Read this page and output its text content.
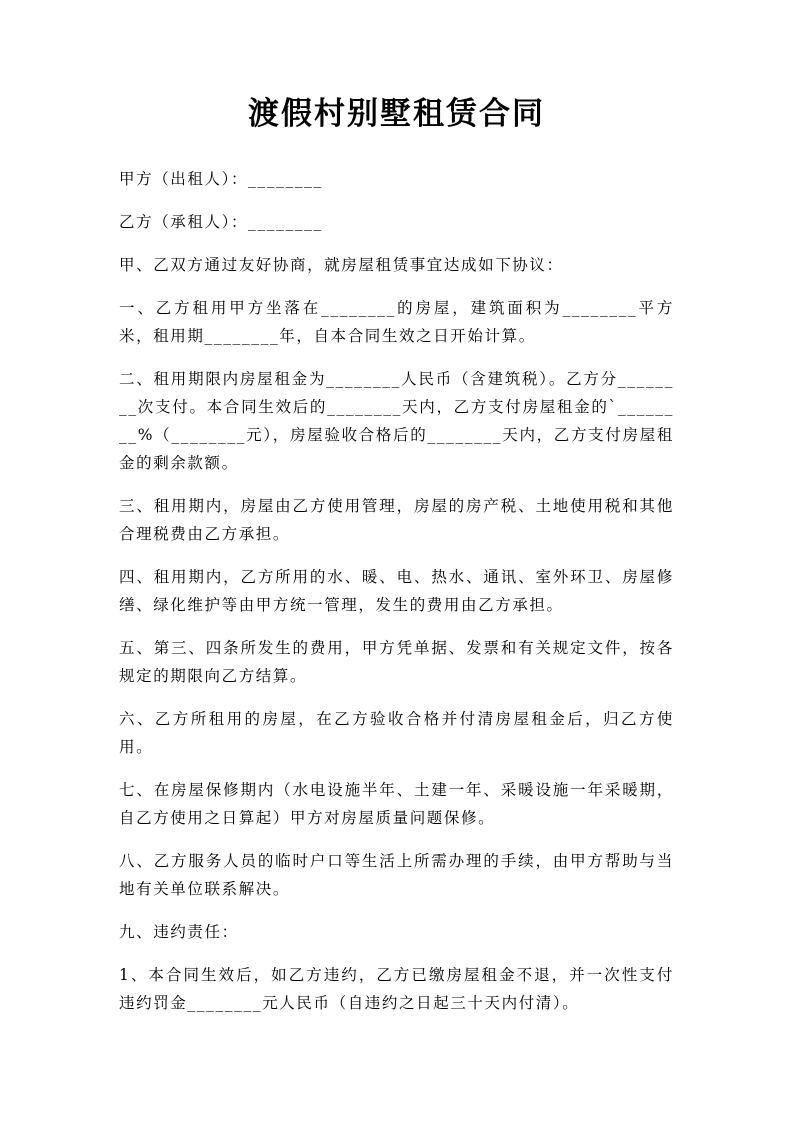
渡假村别墅租赁合同

甲方（出租人）：________

乙方（承租人）：________

甲、乙双方通过友好协商，就房屋租赁事宜达成如下协议：

一、乙方租用甲方坐落在________的房屋，建筑面积为________平方米，租用期________年，自本合同生效之日开始计算。

二、租用期限内房屋租金为________人民币（含建筑税）。乙方分________次支付。本合同生效后的________天内，乙方支付房屋租金的`________%（________元），房屋验收合格后的________天内，乙方支付房屋租金的剩余款额。

三、租用期内，房屋由乙方使用管理，房屋的房产税、土地使用税和其他合理税费由乙方承担。

四、租用期内，乙方所用的水、暖、电、热水、通讯、室外环卫、房屋修缮、绿化维护等由甲方统一管理，发生的费用由乙方承担。

五、第三、四条所发生的费用，甲方凭单据、发票和有关规定文件，按各规定的期限向乙方结算。

六、乙方所租用的房屋，在乙方验收合格并付清房屋租金后，归乙方使用。

七、在房屋保修期内（水电设施半年、土建一年、采暖设施一年采暖期，自乙方使用之日算起）甲方对房屋质量问题保修。

八、乙方服务人员的临时户口等生活上所需办理的手续，由甲方帮助与当地有关单位联系解决。

九、违约责任：

1、本合同生效后，如乙方违约，乙方已缴房屋租金不退，并一次性支付违约罚金________元人民币（自违约之日起三十天内付清）。
